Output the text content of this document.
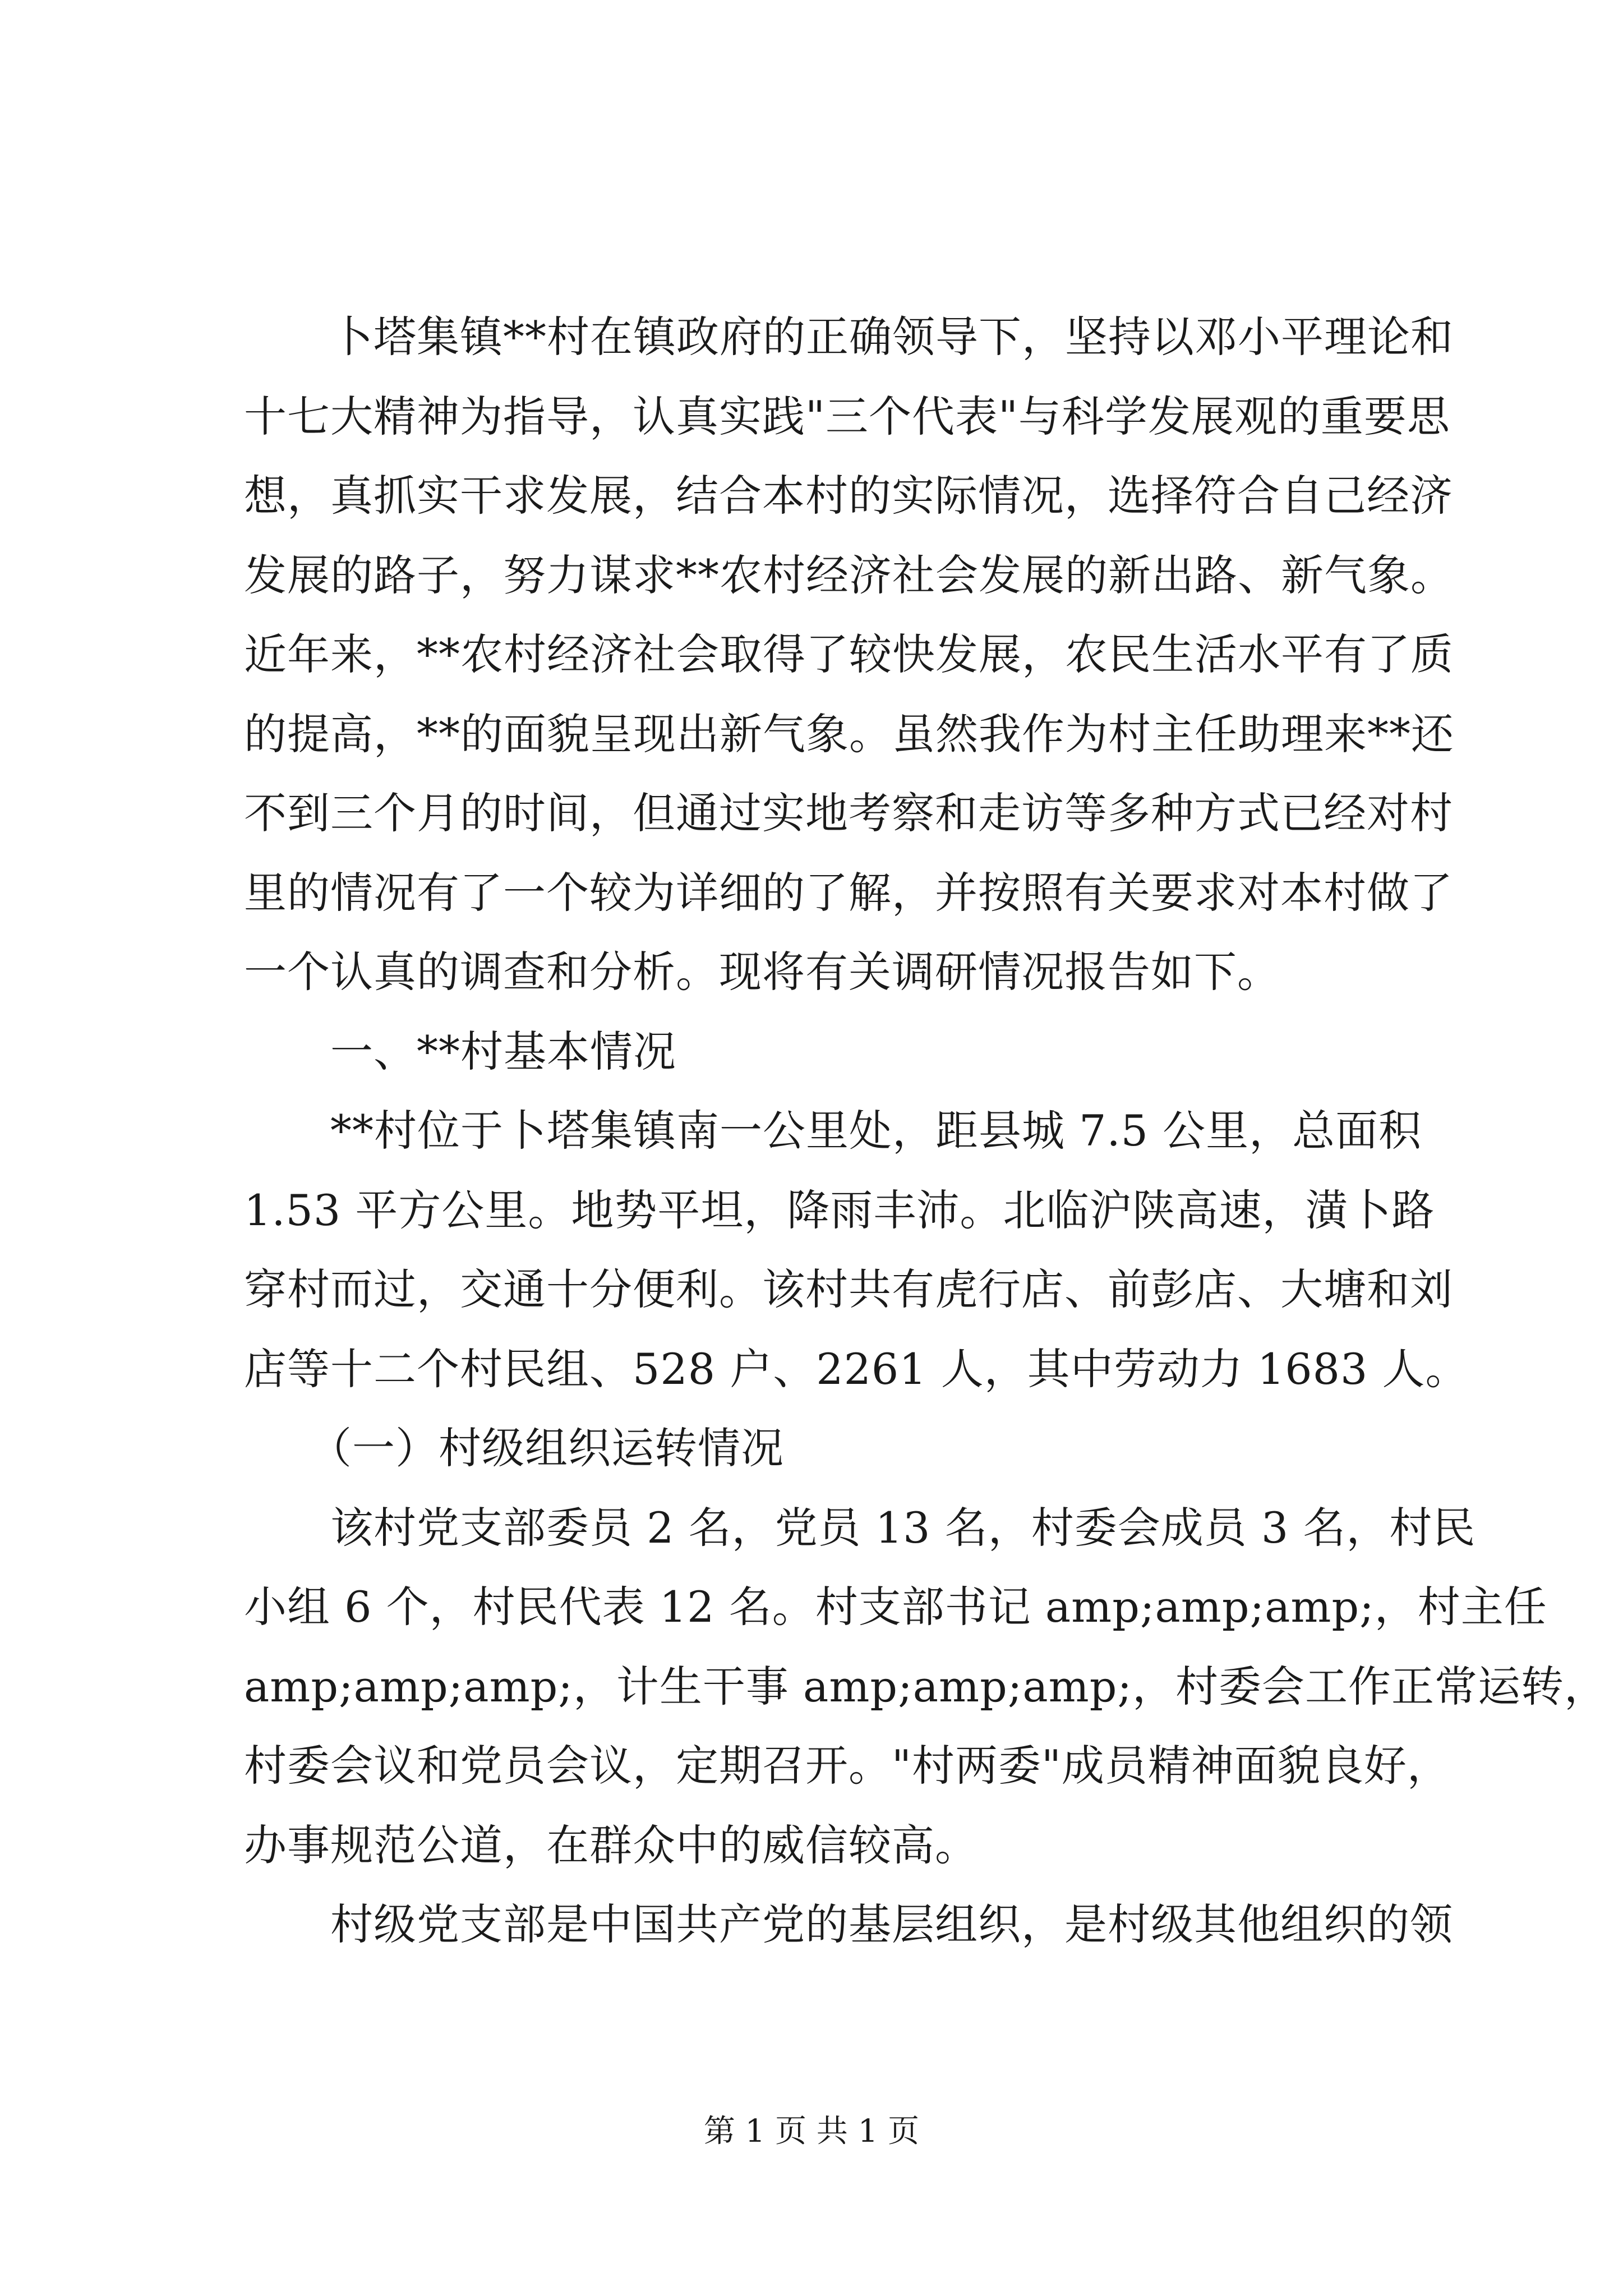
　　卜塔集镇**村在镇政府的正确领导下，坚持以邓小平理论和
十七大精神为指导，认真实践"三个代表"与科学发展观的重要思
想，真抓实干求发展，结合本村的实际情况，选择符合自己经济
发展的路子，努力谋求**农村经济社会发展的新出路、新气象。
近年来，**农村经济社会取得了较快发展，农民生活水平有了质
的提高，**的面貌呈现出新气象。虽然我作为村主任助理来**还
不到三个月的时间，但通过实地考察和走访等多种方式已经对村
里的情况有了一个较为详细的了解，并按照有关要求对本村做了
一个认真的调查和分析。现将有关调研情况报告如下。
　　一、**村基本情况
　　**村位于卜塔集镇南一公里处，距县城 7.5 公里，总面积
1.53 平方公里。地势平坦，降雨丰沛。北临沪陕高速，潢卜路
穿村而过，交通十分便利。该村共有虎行店、前彭店、大塘和刘
店等十二个村民组、528 户、2261 人，其中劳动力 1683 人。
　　（一）村级组织运转情况
　　该村党支部委员 2 名，党员 13 名，村委会成员 3 名，村民
小组 6 个，村民代表 12 名。村支部书记 amp;amp;amp;，村主任
amp;amp;amp;，计生干事 amp;amp;amp;，村委会工作正常运转，
村委会议和党员会议，定期召开。"村两委"成员精神面貌良好，
办事规范公道，在群众中的威信较高。
　　村级党支部是中国共产党的基层组织，是村级其他组织的领
第 1 页 共 1 页
